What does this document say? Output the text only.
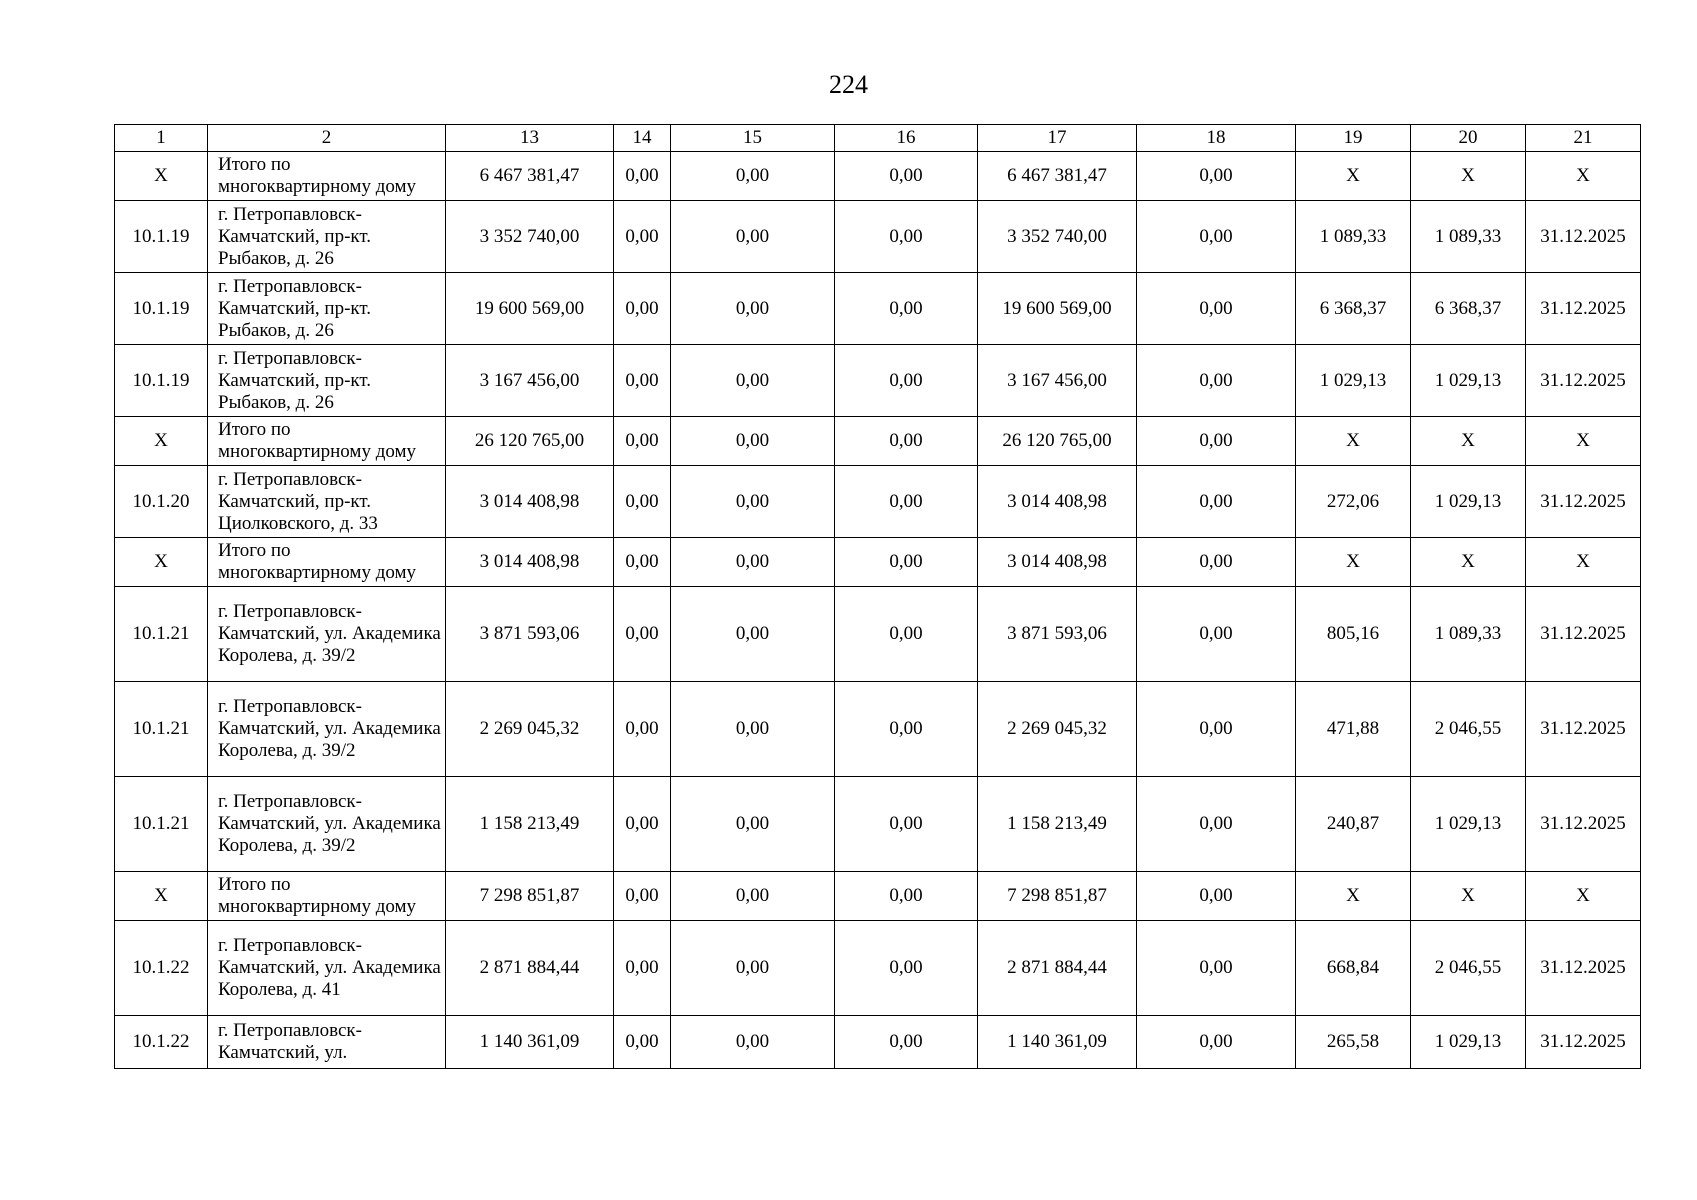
224
1	2	13	14	15	16	17	18	19	20	21
X	Итого по многоквартирному дому	6 467 381,47	0,00	0,00	0,00	6 467 381,47	0,00	X	X	X
10.1.19	г. Петропавловск-Камчатский, пр-кт. Рыбаков, д. 26	3 352 740,00	0,00	0,00	0,00	3 352 740,00	0,00	1 089,33	1 089,33	31.12.2025
10.1.19	г. Петропавловск-Камчатский, пр-кт. Рыбаков, д. 26	19 600 569,00	0,00	0,00	0,00	19 600 569,00	0,00	6 368,37	6 368,37	31.12.2025
10.1.19	г. Петропавловск-Камчатский, пр-кт. Рыбаков, д. 26	3 167 456,00	0,00	0,00	0,00	3 167 456,00	0,00	1 029,13	1 029,13	31.12.2025
X	Итого по многоквартирному дому	26 120 765,00	0,00	0,00	0,00	26 120 765,00	0,00	X	X	X
10.1.20	г. Петропавловск-Камчатский, пр-кт. Циолковского, д. 33	3 014 408,98	0,00	0,00	0,00	3 014 408,98	0,00	272,06	1 029,13	31.12.2025
X	Итого по многоквартирному дому	3 014 408,98	0,00	0,00	0,00	3 014 408,98	0,00	X	X	X
10.1.21	г. Петропавловск-Камчатский, ул. Академика Королева, д. 39/2	3 871 593,06	0,00	0,00	0,00	3 871 593,06	0,00	805,16	1 089,33	31.12.2025
10.1.21	г. Петропавловск-Камчатский, ул. Академика Королева, д. 39/2	2 269 045,32	0,00	0,00	0,00	2 269 045,32	0,00	471,88	2 046,55	31.12.2025
10.1.21	г. Петропавловск-Камчатский, ул. Академика Королева, д. 39/2	1 158 213,49	0,00	0,00	0,00	1 158 213,49	0,00	240,87	1 029,13	31.12.2025
X	Итого по многоквартирному дому	7 298 851,87	0,00	0,00	0,00	7 298 851,87	0,00	X	X	X
10.1.22	г. Петропавловск-Камчатский, ул. Академика Королева, д. 41	2 871 884,44	0,00	0,00	0,00	2 871 884,44	0,00	668,84	2 046,55	31.12.2025
10.1.22	г. Петропавловск-Камчатский, ул.	1 140 361,09	0,00	0,00	0,00	1 140 361,09	0,00	265,58	1 029,13	31.12.2025
